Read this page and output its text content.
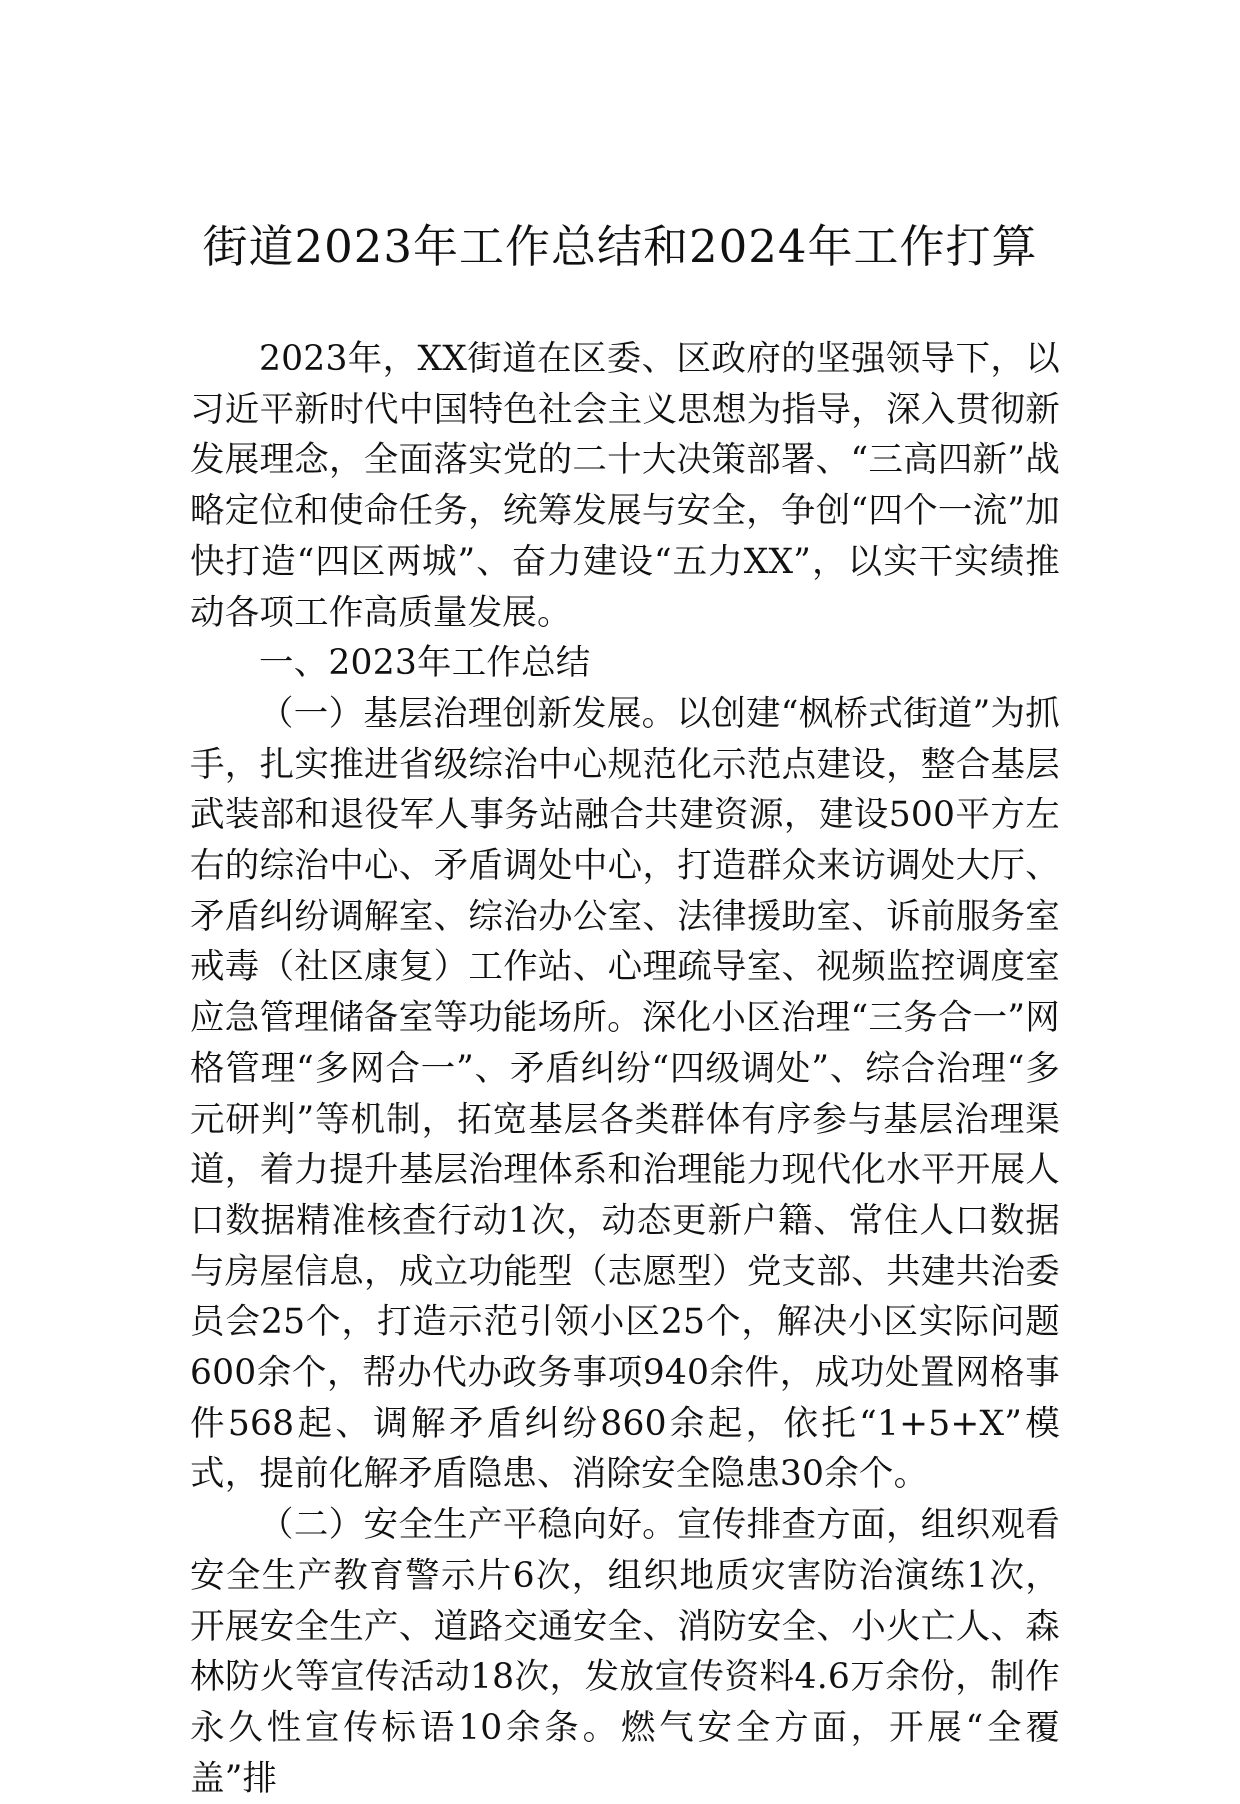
街道2023年工作总结和2024年工作打算

2023年，XX街道在区委、区政府的坚强领导下，以习近平新时代中国特色社会主义思想为指导，深入贯彻新发展理念，全面落实党的二十大决策部署、“三高四新”战略定位和使命任务，统筹发展与安全，争创“四个一流”加快打造“四区两城”、奋力建设“五力XX”，以实干实绩推动各项工作高质量发展。

一、2023年工作总结

（一）基层治理创新发展。以创建“枫桥式街道”为抓手，扎实推进省级综治中心规范化示范点建设，整合基层武装部和退役军人事务站融合共建资源，建设500平方左右的综治中心、矛盾调处中心，打造群众来访调处大厅、矛盾纠纷调解室、综治办公室、法律援助室、诉前服务室戒毒（社区康复）工作站、心理疏导室、视频监控调度室应急管理储备室等功能场所。深化小区治理“三务合一”网格管理“多网合一”、矛盾纠纷“四级调处”、综合治理“多元研判”等机制，拓宽基层各类群体有序参与基层治理渠道，着力提升基层治理体系和治理能力现代化水平开展人口数据精准核查行动1次，动态更新户籍、常住人口数据与房屋信息，成立功能型（志愿型）党支部、共建共治委员会25个，打造示范引领小区25个，解决小区实际问题600余个，帮办代办政务事项940余件，成功处置网格事件568起、调解矛盾纠纷860余起，依托“1+5+X”模式，提前化解矛盾隐患、消除安全隐患30余个。

（二）安全生产平稳向好。宣传排查方面，组织观看安全生产教育警示片6次，组织地质灾害防治演练1次，开展安全生产、道路交通安全、消防安全、小火亡人、森林防火等宣传活动18次，发放宣传资料4.6万余份，制作永久性宣传标语10余条。燃气安全方面，开展“全覆盖”排
